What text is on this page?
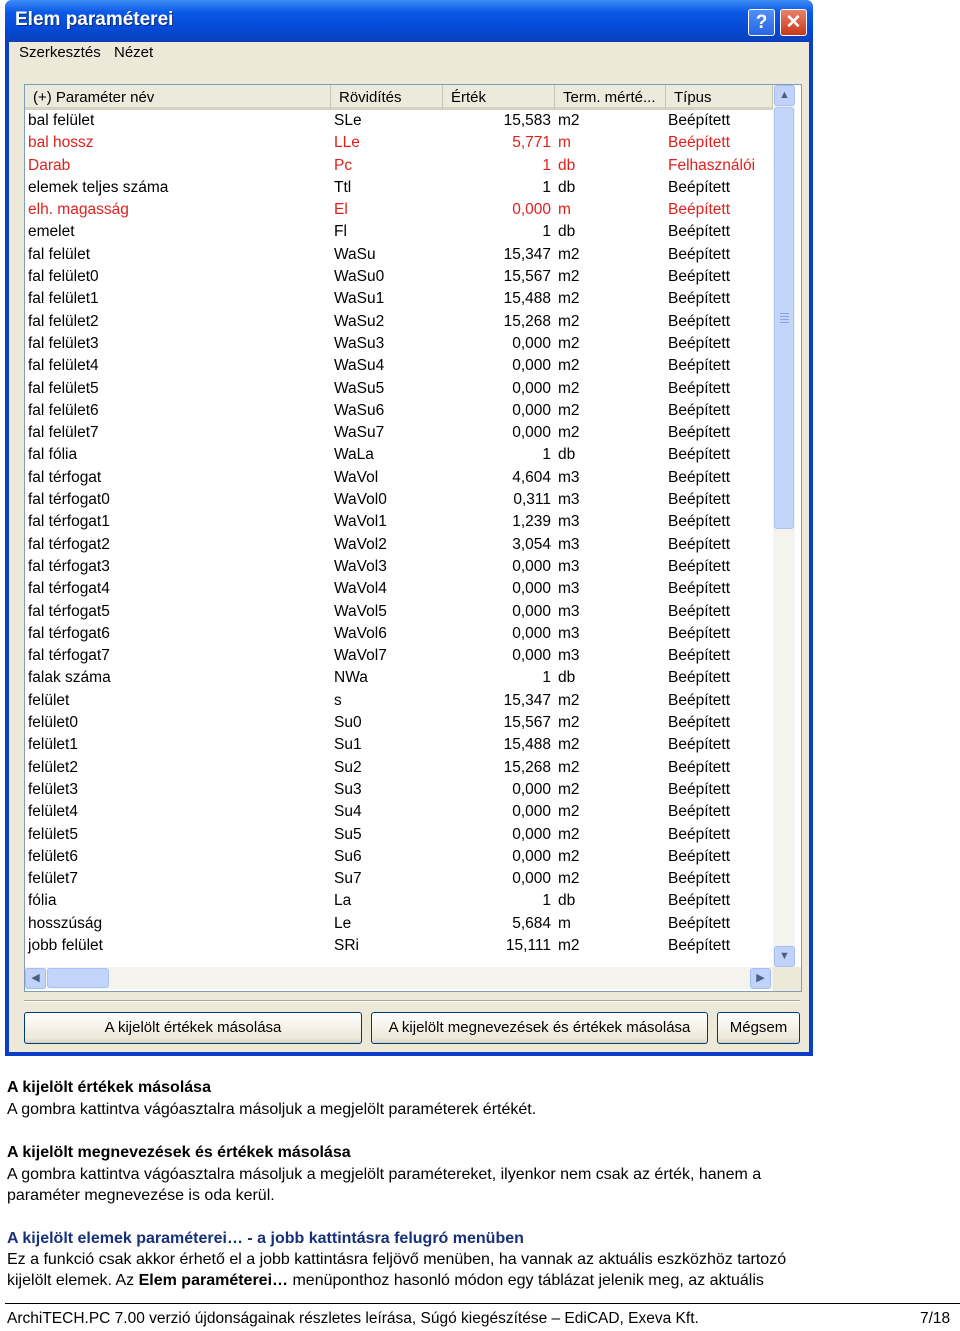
Elem paraméterei	? ✕
Szerkesztés Nézet
(+) Paraméter név	Rövidítés	Érték	Term. mérté...	Típus
bal felület	SLe	15,583 m2	Beépített
bal hossz	LLe	5,771 m	Beépített
Darab	Pc	1 db	Felhasználói
elemek teljes száma	Ttl	1 db	Beépített
elh. magasság	El	0,000 m	Beépített
emelet	Fl	1 db	Beépített
fal felület	WaSu	15,347 m2	Beépített
fal felület0	WaSu0	15,567 m2	Beépített
fal felület1	WaSu1	15,488 m2	Beépített
fal felület2	WaSu2	15,268 m2	Beépített
fal felület3	WaSu3	0,000 m2	Beépített
fal felület4	WaSu4	0,000 m2	Beépített
fal felület5	WaSu5	0,000 m2	Beépített
fal felület6	WaSu6	0,000 m2	Beépített
fal felület7	WaSu7	0,000 m2	Beépített
fal fólia	WaLa	1 db	Beépített
fal térfogat	WaVol	4,604 m3	Beépített
fal térfogat0	WaVol0	0,311 m3	Beépített
fal térfogat1	WaVol1	1,239 m3	Beépített
fal térfogat2	WaVol2	3,054 m3	Beépített
fal térfogat3	WaVol3	0,000 m3	Beépített
fal térfogat4	WaVol4	0,000 m3	Beépített
fal térfogat5	WaVol5	0,000 m3	Beépített
fal térfogat6	WaVol6	0,000 m3	Beépített
fal térfogat7	WaVol7	0,000 m3	Beépített
falak száma	NWa	1 db	Beépített
felület	s	15,347 m2	Beépített
felület0	Su0	15,567 m2	Beépített
felület1	Su1	15,488 m2	Beépített
felület2	Su2	15,268 m2	Beépített
felület3	Su3	0,000 m2	Beépített
felület4	Su4	0,000 m2	Beépített
felület5	Su5	0,000 m2	Beépített
felület6	Su6	0,000 m2	Beépített
felület7	Su7	0,000 m2	Beépített
fólia	La	1 db	Beépített
hosszúság	Le	5,684 m	Beépített
jobb felület	SRi	15,111 m2	Beépített
▲
▼
◀	▶
A kijelölt értékek másolása	A kijelölt megnevezések és értékek másolása	Mégsem
A kijelölt értékek másolása
A gombra kattintva vágóasztalra másoljuk a megjelölt paraméterek értékét.
A kijelölt megnevezések és értékek másolása
A gombra kattintva vágóasztalra másoljuk a megjelölt paramétereket, ilyenkor nem csak az érték, hanem a
paraméter megnevezése is oda kerül.
A kijelölt elemek paraméterei… - a jobb kattintásra felugró menüben
Ez a funkció csak akkor érhető el a jobb kattintásra feljövő menüben, ha vannak az aktuális eszközhöz tartozó
kijelölt elemek. Az Elem paraméterei… menüponthoz hasonló módon egy táblázat jelenik meg, az aktuális
ArchiTECH.PC 7.00 verzió újdonságainak részletes leírása, Súgó kiegészítése – EdiCAD, Exeva Kft.	7/18
